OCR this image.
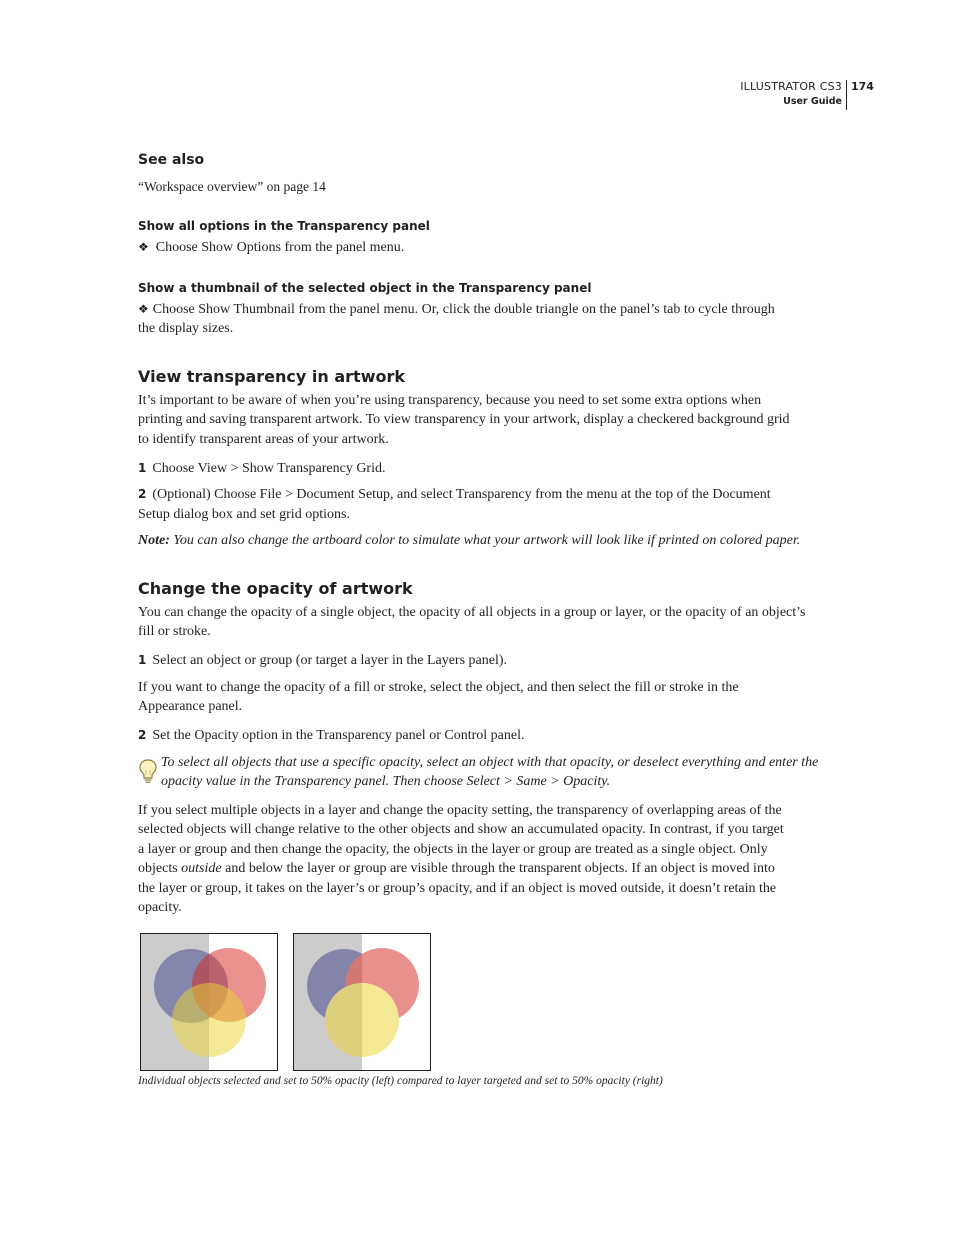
ILLUSTRATOR CS3
User Guide
174
See also
“Workspace overview” on page 14
Show all options in the Transparency panel
❖ Choose Show Options from the panel menu.
Show a thumbnail of the selected object in the Transparency panel
❖ Choose Show Thumbnail from the panel menu. Or, click the double triangle on the panel’s tab to cycle through
the display sizes.
View transparency in artwork
It’s important to be aware of when you’re using transparency, because you need to set some extra options when
printing and saving transparent artwork. To view transparency in your artwork, display a checkered background grid
to identify transparent areas of your artwork.
1 Choose View > Show Transparency Grid.
2 (Optional) Choose File > Document Setup, and select Transparency from the menu at the top of the Document
Setup dialog box and set grid options.
Note: You can also change the artboard color to simulate what your artwork will look like if printed on colored paper.
Change the opacity of artwork
You can change the opacity of a single object, the opacity of all objects in a group or layer, or the opacity of an object’s
fill or stroke.
1 Select an object or group (or target a layer in the Layers panel).
If you want to change the opacity of a fill or stroke, select the object, and then select the fill or stroke in the
Appearance panel.
2 Set the Opacity option in the Transparency panel or Control panel.
To select all objects that use a specific opacity, select an object with that opacity, or deselect everything and enter the
opacity value in the Transparency panel. Then choose Select > Same > Opacity.
If you select multiple objects in a layer and change the opacity setting, the transparency of overlapping areas of the
selected objects will change relative to the other objects and show an accumulated opacity. In contrast, if you target
a layer or group and then change the opacity, the objects in the layer or group are treated as a single object. Only
objects outside and below the layer or group are visible through the transparent objects. If an object is moved into
the layer or group, it takes on the layer’s or group’s opacity, and if an object is moved outside, it doesn’t retain the
opacity.
Individual objects selected and set to 50% opacity (left) compared to layer targeted and set to 50% opacity (right)
